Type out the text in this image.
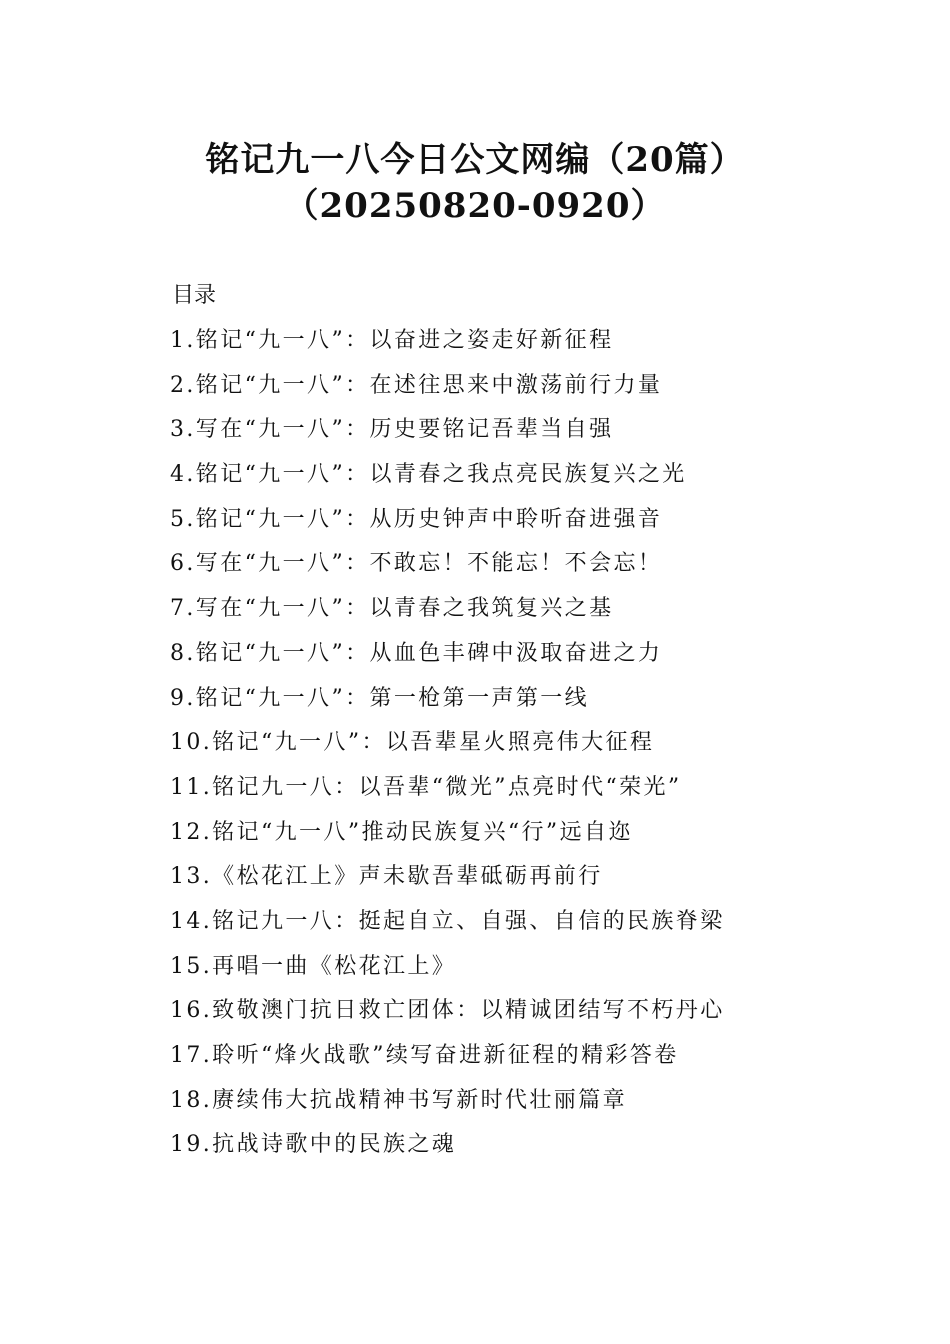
铭记九一八今日公文网编（20篇）
（20250820-0920）
目录
1.铭记“九一八”：以奋进之姿走好新征程
2.铭记“九一八”：在述往思来中激荡前行力量
3.写在“九一八”：历史要铭记吾辈当自强
4.铭记“九一八”：以青春之我点亮民族复兴之光
5.铭记“九一八”：从历史钟声中聆听奋进强音
6.写在“九一八”：不敢忘！不能忘！不会忘！
7.写在“九一八”：以青春之我筑复兴之基
8.铭记“九一八”：从血色丰碑中汲取奋进之力
9.铭记“九一八”：第一枪第一声第一线
10.铭记“九一八”：以吾辈星火照亮伟大征程
11.铭记九一八：以吾辈“微光”点亮时代“荣光”
12.铭记“九一八”推动民族复兴“行”远自迩
13.《松花江上》声未歇吾辈砥砺再前行
14.铭记九一八：挺起自立、自强、自信的民族脊梁
15.再唱一曲《松花江上》
16.致敬澳门抗日救亡团体：以精诚团结写不朽丹心
17.聆听“烽火战歌”续写奋进新征程的精彩答卷
18.赓续伟大抗战精神书写新时代壮丽篇章
19.抗战诗歌中的民族之魂
